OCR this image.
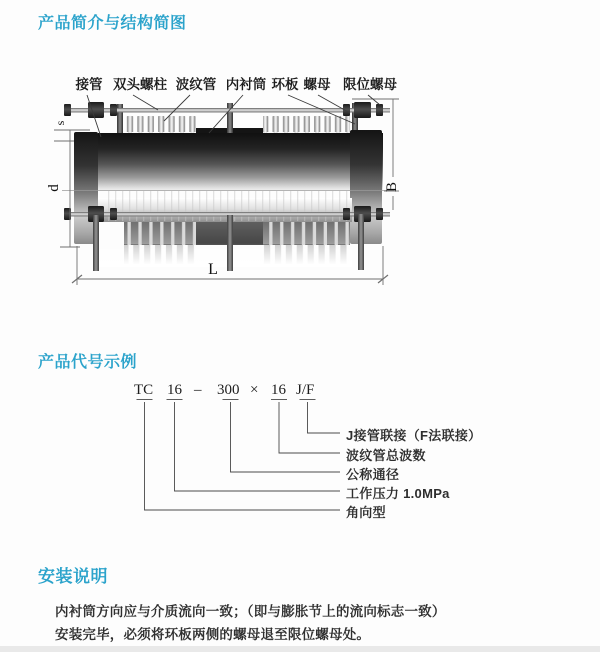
产品简介与结构简图
产品代号示例
安装说明
s
d	B
L
接管 双头螺柱 波纹管 内衬筒 环板 螺母 限位螺母
TC 16 – 300 × 16 J/F
J接管联接（F法联接）
波纹管总波数
公称通径
工作压力 1.0MPa
角向型
内衬筒方向应与介质流向一致；（即与膨胀节上的流向标志一致）
安装完毕，必须将环板两侧的螺母退至限位螺母处。
